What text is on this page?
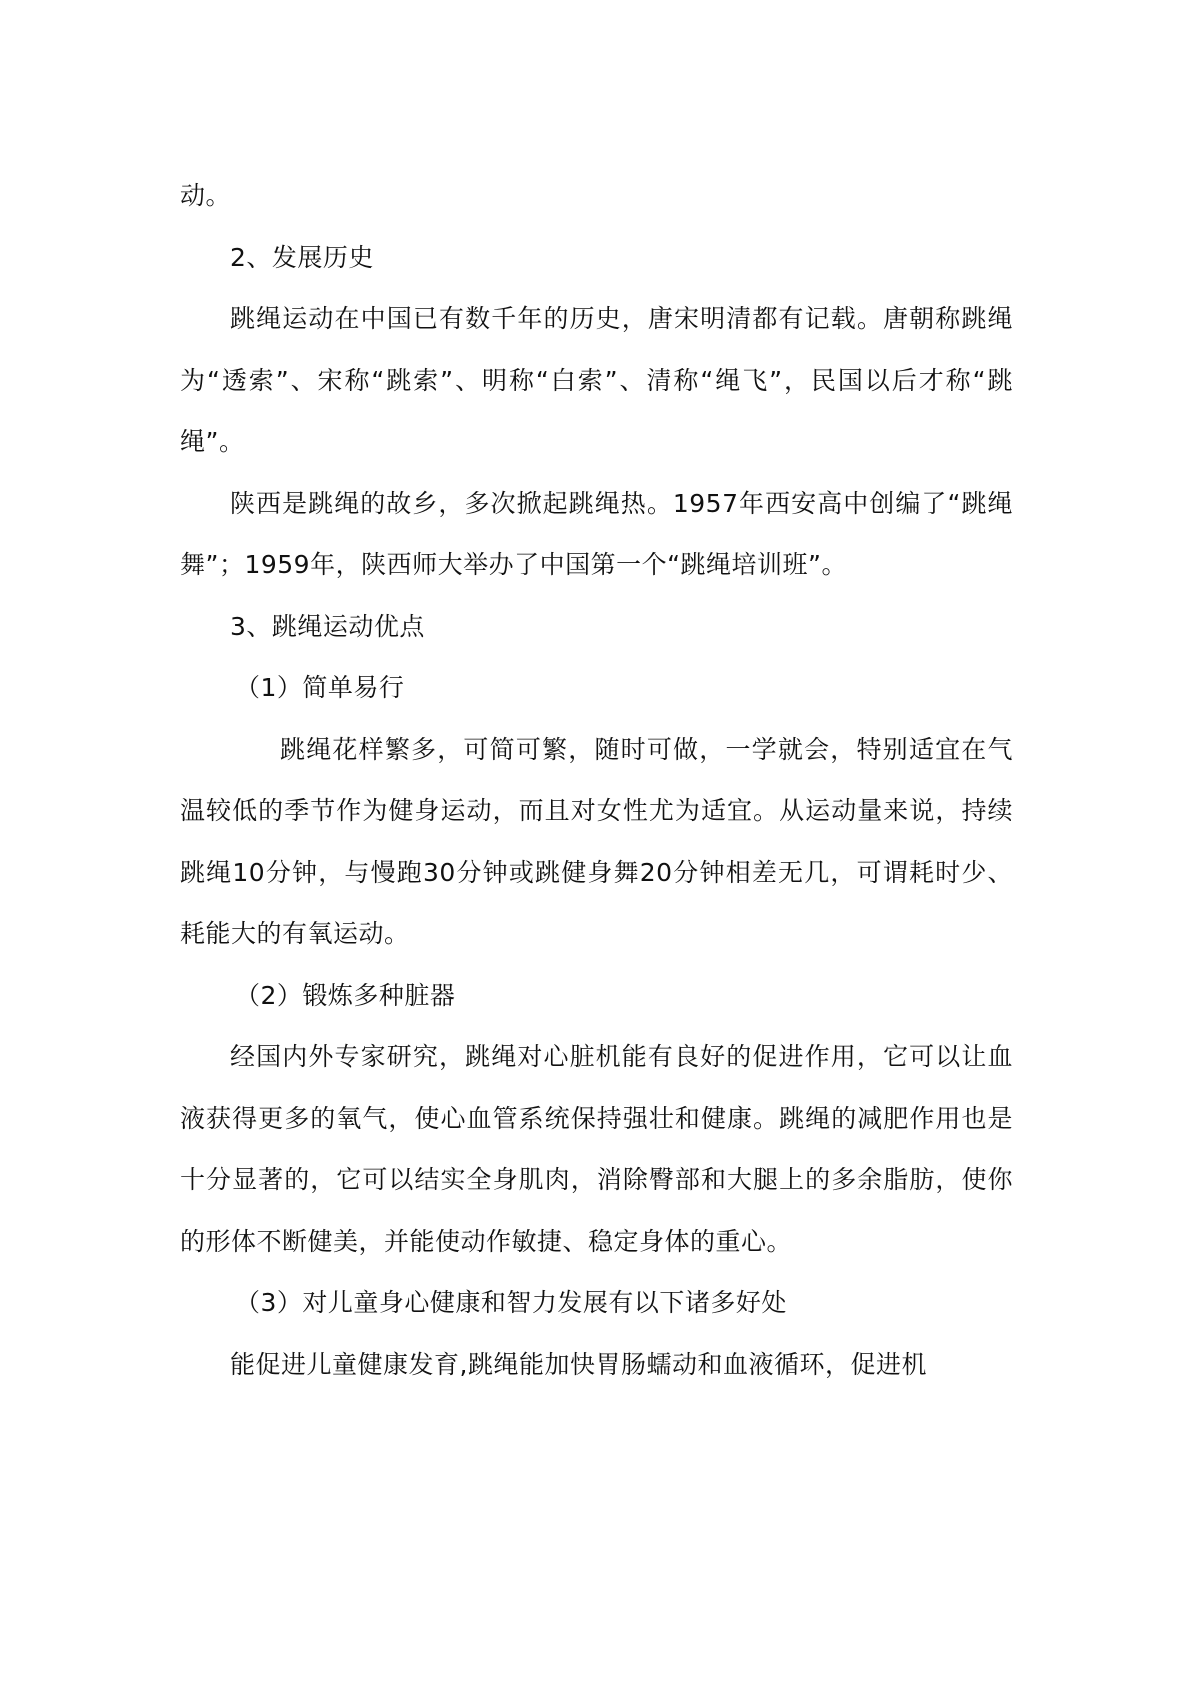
动。

2、发展历史

跳绳运动在中国已有数千年的历史，唐宋明清都有记载。唐朝称跳绳为“透索”、宋称“跳索”、明称“白索”、清称“绳飞”，民国以后才称“跳绳”。

陕西是跳绳的故乡，多次掀起跳绳热。1957年西安高中创编了“跳绳舞”；1959年，陕西师大举办了中国第一个“跳绳培训班”。

3、跳绳运动优点

（1）简单易行

跳绳花样繁多，可简可繁，随时可做，一学就会，特别适宜在气温较低的季节作为健身运动，而且对女性尤为适宜。从运动量来说，持续跳绳10分钟，与慢跑30分钟或跳健身舞20分钟相差无几，可谓耗时少、耗能大的有氧运动。

（2）锻炼多种脏器

经国内外专家研究，跳绳对心脏机能有良好的促进作用，它可以让血液获得更多的氧气，使心血管系统保持强壮和健康。跳绳的减肥作用也是十分显著的，它可以结实全身肌肉，消除臀部和大腿上的多余脂肪，使你的形体不断健美，并能使动作敏捷、稳定身体的重心。

（3）对儿童身心健康和智力发展有以下诸多好处

能促进儿童健康发育,跳绳能加快胃肠蠕动和血液循环，促进机
